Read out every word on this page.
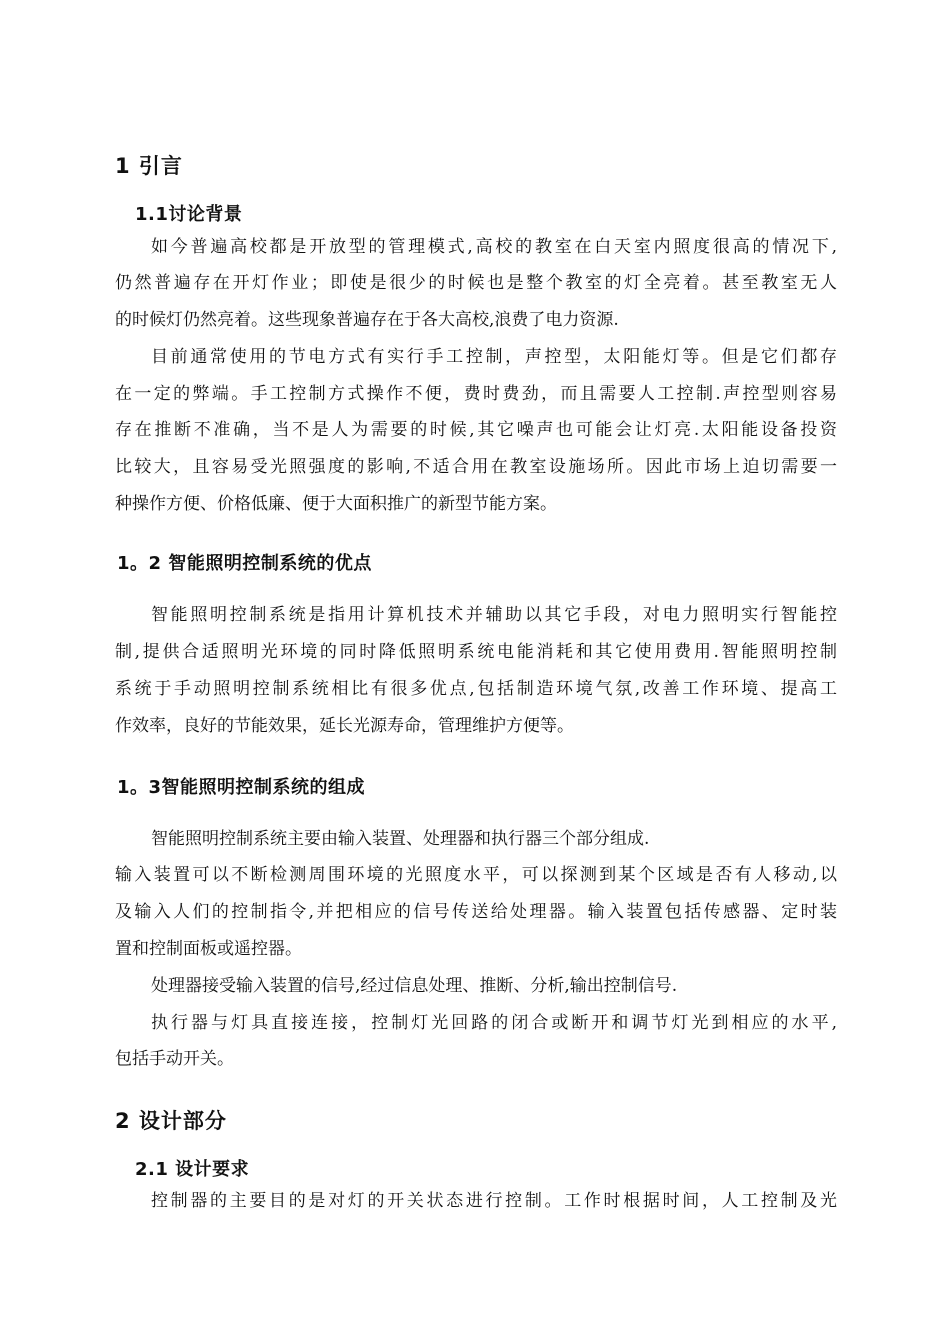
1 引言
1.1讨论背景
如今普遍高校都是开放型的管理模式,高校的教室在白天室内照度很高的情况下,
仍然普遍存在开灯作业；即使是很少的时候也是整个教室的灯全亮着。甚至教室无人
的时候灯仍然亮着。这些现象普遍存在于各大高校,浪费了电力资源.
目前通常使用的节电方式有实行手工控制，声控型，太阳能灯等。但是它们都存
在一定的弊端。手工控制方式操作不便，费时费劲，而且需要人工控制.声控型则容易
存在推断不准确，当不是人为需要的时候,其它噪声也可能会让灯亮.太阳能设备投资
比较大，且容易受光照强度的影响,不适合用在教室设施场所。因此市场上迫切需要一
种操作方便、价格低廉、便于大面积推广的新型节能方案。
1。2 智能照明控制系统的优点
智能照明控制系统是指用计算机技术并辅助以其它手段，对电力照明实行智能控
制,提供合适照明光环境的同时降低照明系统电能消耗和其它使用费用.智能照明控制
系统于手动照明控制系统相比有很多优点,包括制造环境气氛,改善工作环境、提高工
作效率，良好的节能效果，延长光源寿命，管理维护方便等。
1。3智能照明控制系统的组成
智能照明控制系统主要由输入装置、处理器和执行器三个部分组成.
输入装置可以不断检测周围环境的光照度水平，可以探测到某个区域是否有人移动,以
及输入人们的控制指令,并把相应的信号传送给处理器。输入装置包括传感器、定时装
置和控制面板或遥控器。
处理器接受输入装置的信号,经过信息处理、推断、分析,输出控制信号.
执行器与灯具直接连接，控制灯光回路的闭合或断开和调节灯光到相应的水平,
包括手动开关。
2 设计部分
2.1 设计要求
控制器的主要目的是对灯的开关状态进行控制。工作时根据时间，人工控制及光
